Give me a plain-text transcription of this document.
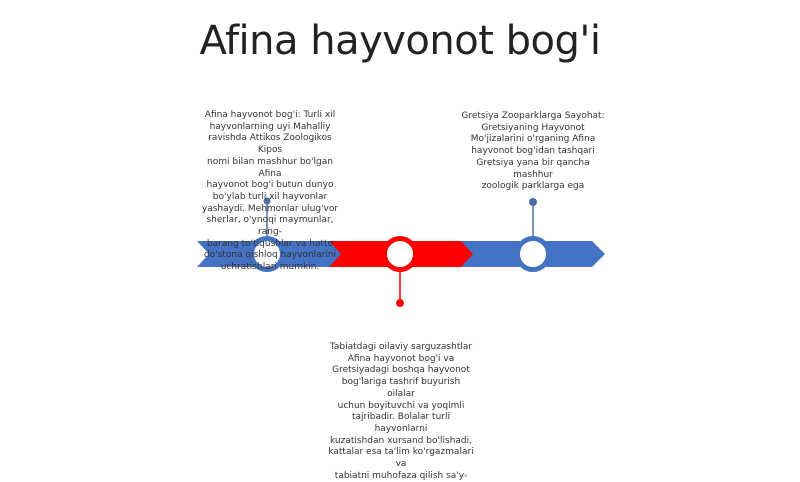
Afina hayvonot bog'i
Afina hayvonot bog'i: Turli xil
hayvonlarning uyi Mahalliy
ravishda Attikos Zoologikos Kipos
nomi bilan mashhur bo'lgan Afina
hayvonot bog'i butun dunyo
bo'ylab turli xil hayvonlar
yashaydi. Mehmonlar ulug'vor
sherlar, o'ynoqi maymunlar, rang-
barang to'tiqushlar va hatto
do'stona qishloq hayvonlarini
uchratishlari mumkin.
Gretsiya Zooparklarga Sayohat:
Gretsiyaning Hayvonot
Mo'jizalarini o'rganing Afina
hayvonot bog'idan tashqari
Gretsiya yana bir qancha mashhur
zoologik parklarga ega
Tabiatdagi oilaviy sarguzashtlar
Afina hayvonot bog'i va
Gretsiyadagi boshqa hayvonot
bog'lariga tashrif buyurish oilalar
uchun boyituvchi va yoqimli
tajribadir. Bolalar turli hayvonlarni
kuzatishdan xursand bo'lishadi,
kattalar esa ta'lim ko'rgazmalari va
tabiatni muhofaza qilish sa'y-
